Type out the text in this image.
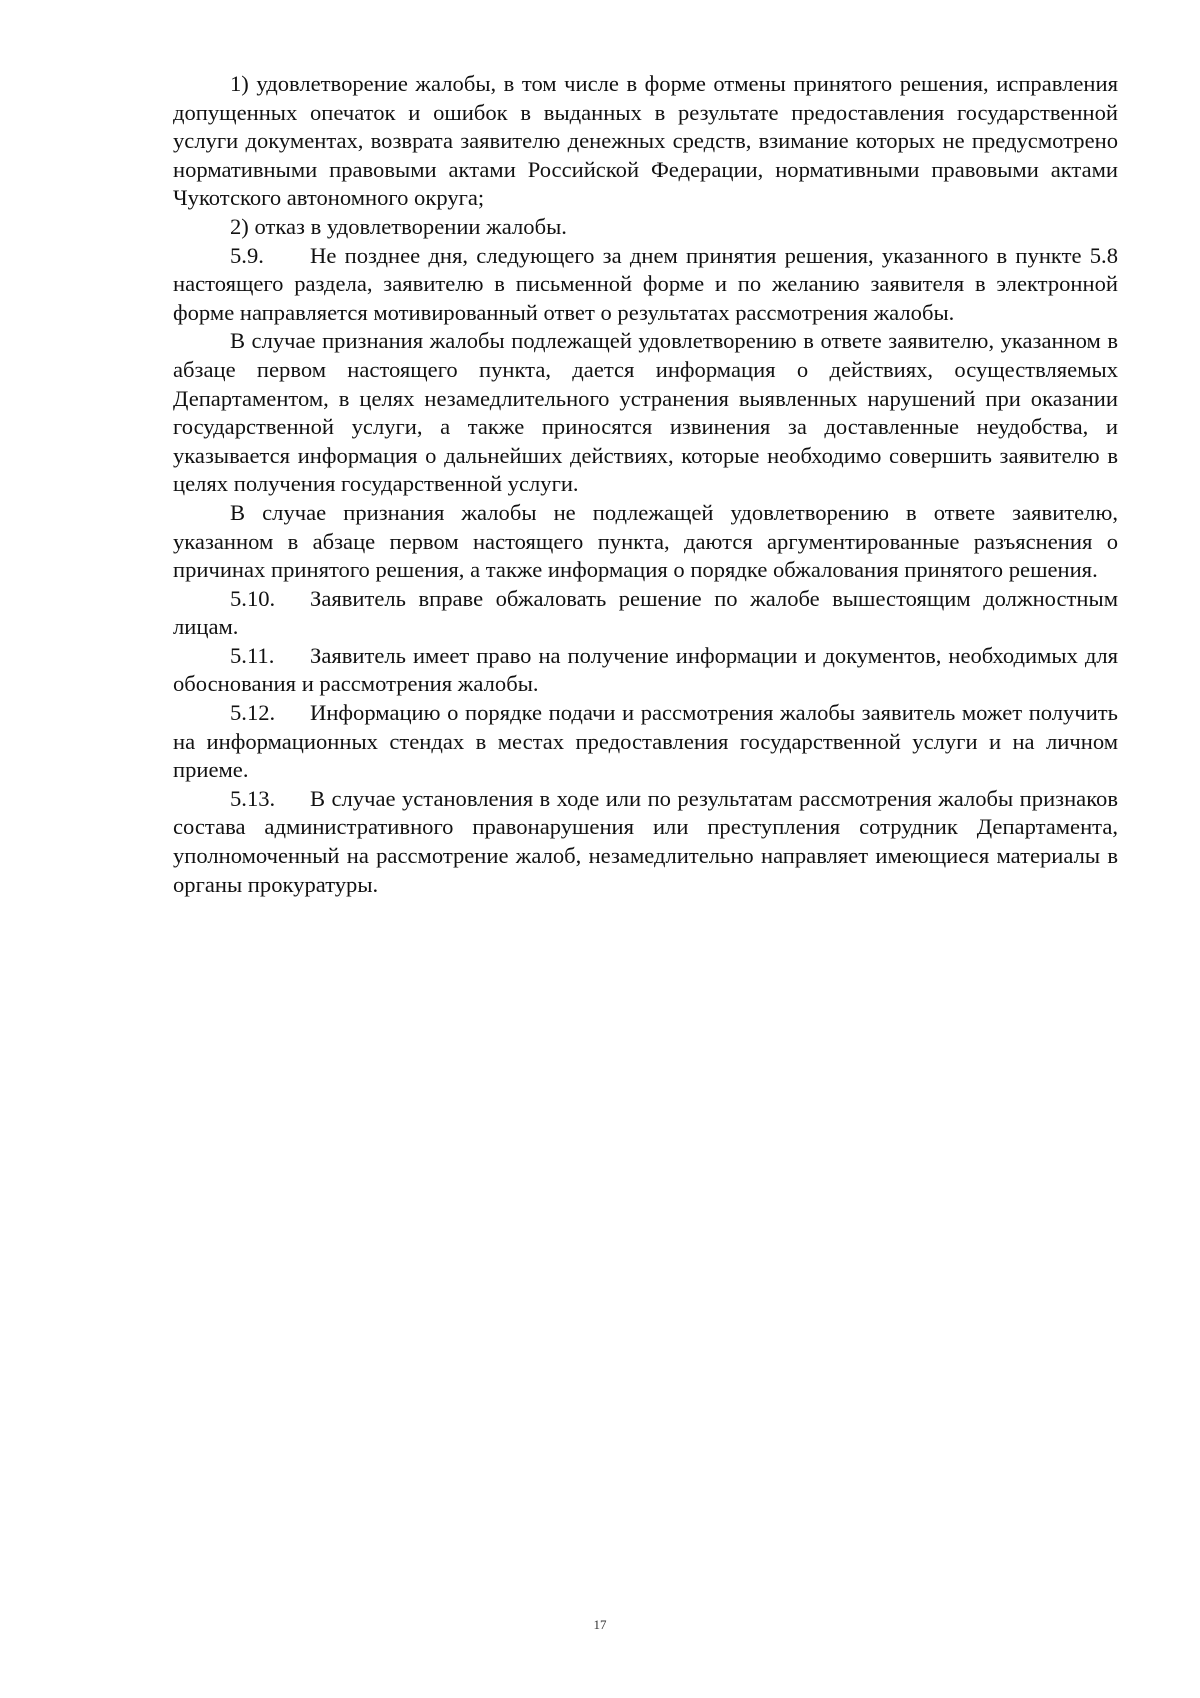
1) удовлетворение жалобы, в том числе в форме отмены принятого решения, исправления допущенных опечаток и ошибок в выданных в результате предоставления государственной услуги документах, возврата заявителю денежных средств, взимание которых не предусмотрено нормативными правовыми актами Российской Федерации, нормативными правовыми актами Чукотского автономного округа;

2) отказ в удовлетворении жалобы.

5.9. Не позднее дня, следующего за днем принятия решения, указанного в пункте 5.8 настоящего раздела, заявителю в письменной форме и по желанию заявителя в электронной форме направляется мотивированный ответ о результатах рассмотрения жалобы.

В случае признания жалобы подлежащей удовлетворению в ответе заявителю, указанном в абзаце первом настоящего пункта, дается информация о действиях, осуществляемых Департаментом, в целях незамедлительного устранения выявленных нарушений при оказании государственной услуги, а также приносятся извинения за доставленные неудобства, и указывается информация о дальнейших действиях, которые необходимо совершить заявителю в целях получения государственной услуги.

В случае признания жалобы не подлежащей удовлетворению в ответе заявителю, указанном в абзаце первом настоящего пункта, даются аргументированные разъяснения о причинах принятого решения, а также информация о порядке обжалования принятого решения.

5.10. Заявитель вправе обжаловать решение по жалобе вышестоящим должностным лицам.

5.11. Заявитель имеет право на получение информации и документов, необходимых для обоснования и рассмотрения жалобы.

5.12. Информацию о порядке подачи и рассмотрения жалобы заявитель может получить на информационных стендах в местах предоставления государственной услуги и на личном приеме.

5.13. В случае установления в ходе или по результатам рассмотрения жалобы признаков состава административного правонарушения или преступления сотрудник Департамента, уполномоченный на рассмотрение жалоб, незамедлительно направляет имеющиеся материалы в органы прокуратуры.

17
